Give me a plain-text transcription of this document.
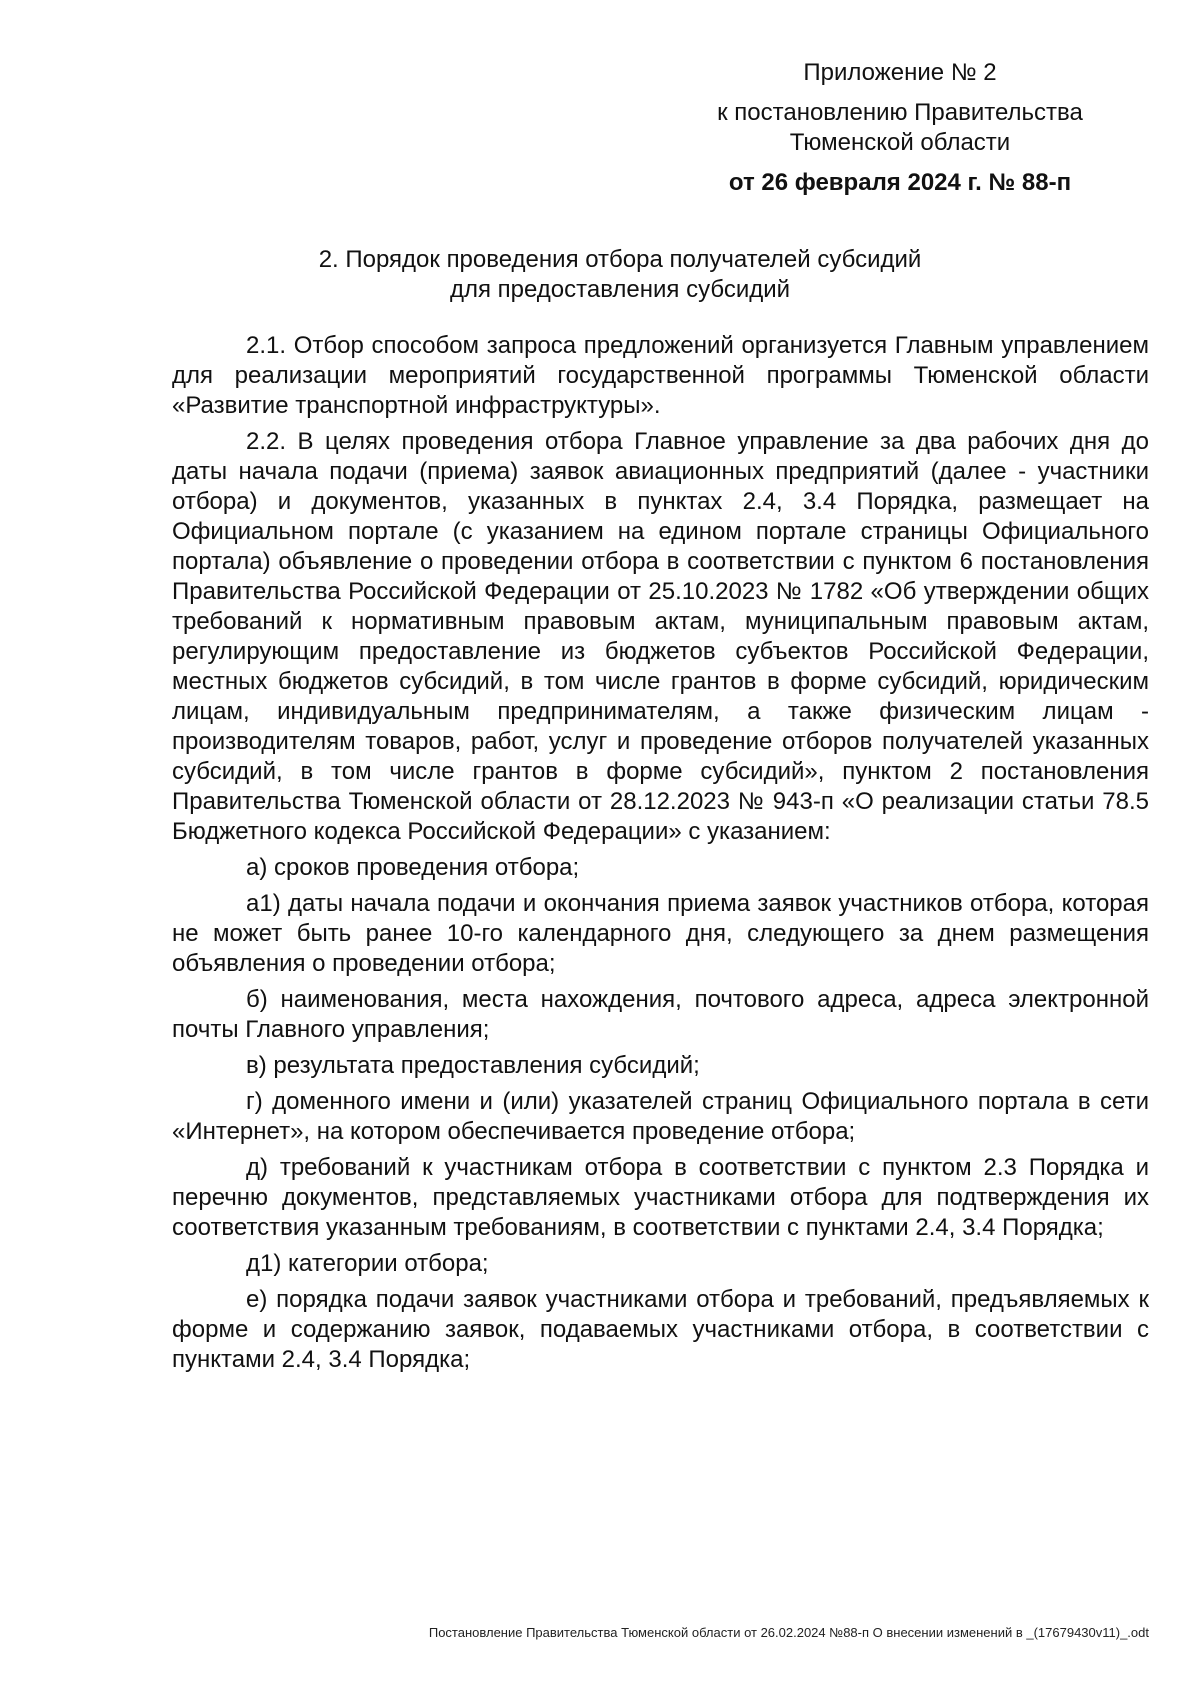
Приложение № 2
к постановлению Правительства
Тюменской области
от 26 февраля 2024 г. № 88-п
2. Порядок проведения отбора получателей субсидий
для предоставления субсидий

2.1. Отбор способом запроса предложений организуется Главным управлением для реализации мероприятий государственной программы Тюменской области «Развитие транспортной инфраструктуры».

2.2. В целях проведения отбора Главное управление за два рабочих дня до даты начала подачи (приема) заявок авиационных предприятий (далее - участники отбора) и документов, указанных в пунктах 2.4, 3.4 Порядка, размещает на Официальном портале (с указанием на едином портале страницы Официального портала) объявление о проведении отбора в соответствии с пунктом 6 постановления Правительства Российской Федерации от 25.10.2023 № 1782 «Об утверждении общих требований к нормативным правовым актам, муниципальным правовым актам, регулирующим предоставление из бюджетов субъектов Российской Федерации, местных бюджетов субсидий, в том числе грантов в форме субсидий, юридическим лицам, индивидуальным предпринимателям, а также физическим лицам - производителям товаров, работ, услуг и проведение отборов получателей указанных субсидий, в том числе грантов в форме субсидий», пунктом 2 постановления Правительства Тюменской области от 28.12.2023 № 943-п «О реализации статьи 78.5 Бюджетного кодекса Российской Федерации» с указанием:

а) сроков проведения отбора;

а1) даты начала подачи и окончания приема заявок участников отбора, которая не может быть ранее 10-го календарного дня, следующего за днем размещения объявления о проведении отбора;

б) наименования, места нахождения, почтового адреса, адреса электронной почты Главного управления;

в) результата предоставления субсидий;

г) доменного имени и (или) указателей страниц Официального портала в сети «Интернет», на котором обеспечивается проведение отбора;

д) требований к участникам отбора в соответствии с пунктом 2.3 Порядка и перечню документов, представляемых участниками отбора для подтверждения их соответствия указанным требованиям, в соответствии с пунктами 2.4, 3.4 Порядка;

д1) категории отбора;

е) порядка подачи заявок участниками отбора и требований, предъявляемых к форме и содержанию заявок, подаваемых участниками отбора, в соответствии с пунктами 2.4, 3.4 Порядка;

Постановление Правительства Тюменской области от 26.02.2024 №88-п О внесении изменений в _(17679430v11)_.odt
